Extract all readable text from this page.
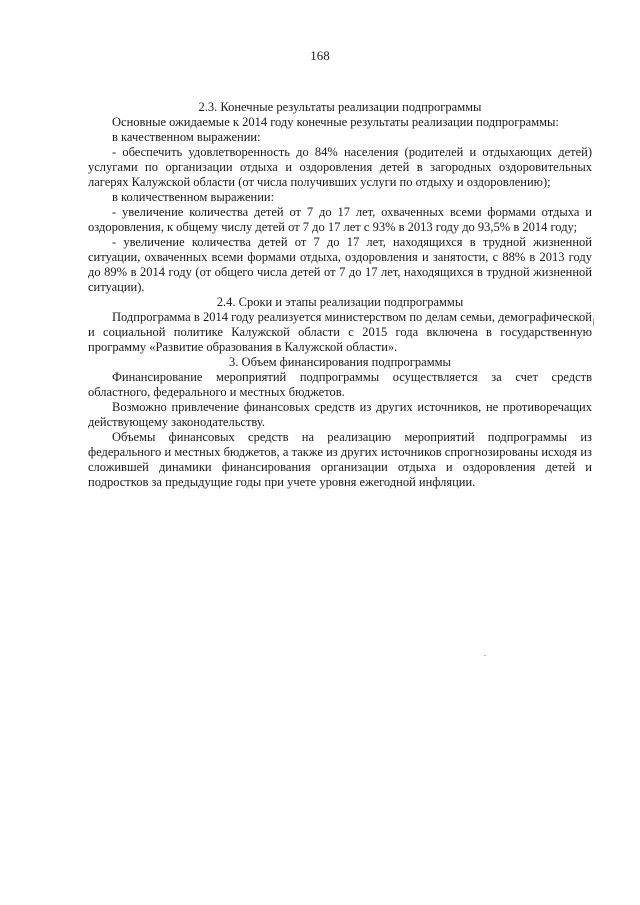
168

2.3. Конечные результаты реализации подпрограммы

Основные ожидаемые к 2014 году конечные результаты реализации подпрограммы:

в качественном выражении:

- обеспечить удовлетворенность до 84% населения (родителей и отдыхающих детей) услугами по организации отдыха и оздоровления детей в загородных оздоровительных лагерях Калужской области (от числа получивших услуги по отдыху и оздоровлению);

в количественном выражении:

- увеличение количества детей от 7 до 17 лет, охваченных всеми формами отдыха и оздоровления, к общему числу детей от 7 до 17 лет с 93% в 2013 году до 93,5% в 2014 году;

- увеличение количества детей от 7 до 17 лет, находящихся в трудной жизненной ситуации, охваченных всеми формами отдыха, оздоровления и занятости, с 88% в 2013 году до 89% в 2014 году (от общего числа детей от 7 до 17 лет, находящихся в трудной жизненной ситуации).

2.4. Сроки и этапы реализации подпрограммы

Подпрограмма в 2014 году реализуется министерством по делам семьи, демографической и социальной политике Калужской области с 2015 года включена в государственную программу «Развитие образования в Калужской области».

3. Объем финансирования подпрограммы

Финансирование мероприятий подпрограммы осуществляется за счет средств областного, федерального и местных бюджетов.

Возможно привлечение финансовых средств из других источников, не противоречащих действующему законодательству.

Объемы финансовых средств на реализацию мероприятий подпрограммы из федерального и местных бюджетов, а также из других источников спрогнозированы исходя из сложившей динамики финансирования организации отдыха и оздоровления детей и подростков за предыдущие годы при учете уровня ежегодной инфляции.
